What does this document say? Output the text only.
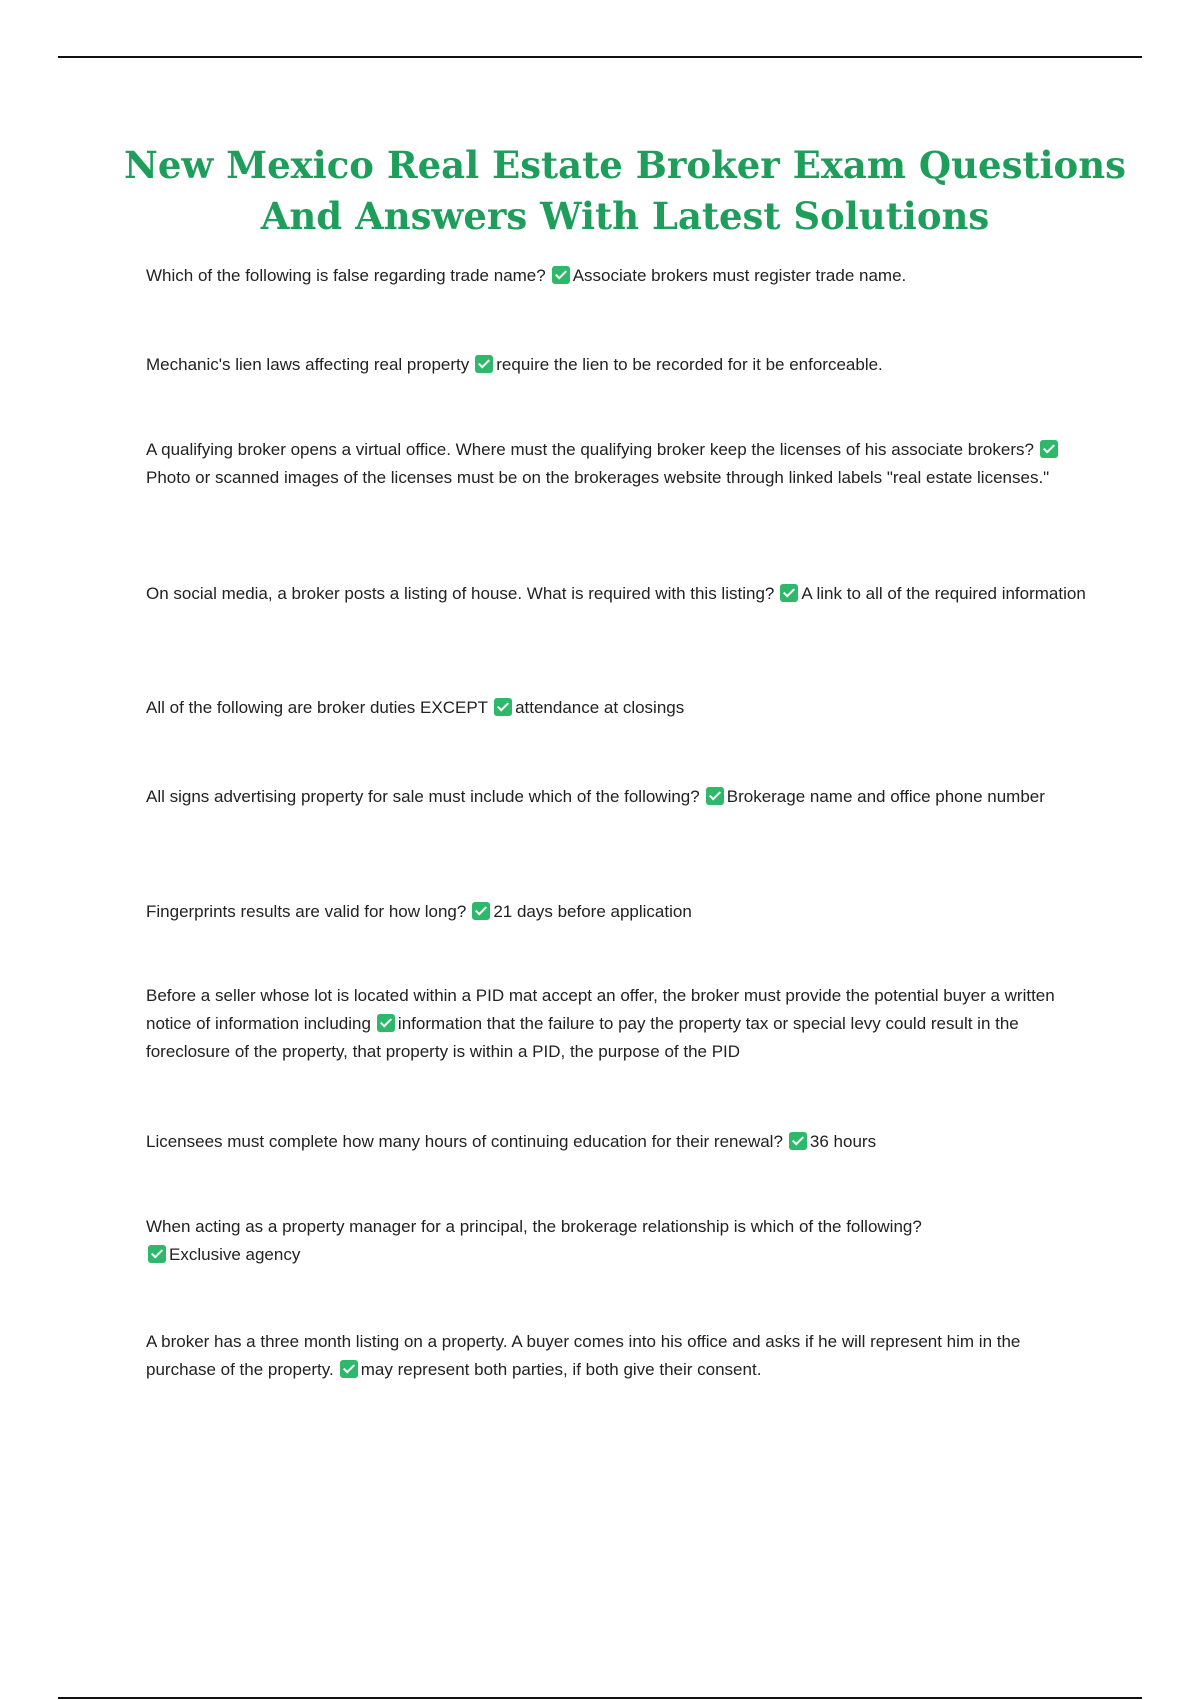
New Mexico Real Estate Broker Exam Questions And Answers With Latest Solutions

Which of the following is false regarding trade name? Associate brokers must register trade name.

Mechanic's lien laws affecting real property require the lien to be recorded for it be enforceable.

A qualifying broker opens a virtual office. Where must the qualifying broker keep the licenses of his associate brokers?Photo or scanned images of the licenses must be on the brokerages website through linked labels "real estate licenses."

On social media, a broker posts a listing of house. What is required with this listing? A link to all of the required information

All of the following are broker duties EXCEPT attendance at closings

All signs advertising property for sale must include which of the following? Brokerage name and office phone number

Fingerprints results are valid for how long? 21 days before application

Before a seller whose lot is located within a PID mat accept an offer, the broker must provide the potential buyer a written notice of information including information that the failure to pay the property tax or special levy could result in the foreclosure of the property, that property is within a PID, the purpose of the PID

Licensees must complete how many hours of continuing education for their renewal? 36 hours

When acting as a property manager for a principal, the brokerage relationship is which of the following?
Exclusive agency

A broker has a three month listing on a property. A buyer comes into his office and asks if he will represent him in the purchase of the property. may represent both parties, if both give their consent.
